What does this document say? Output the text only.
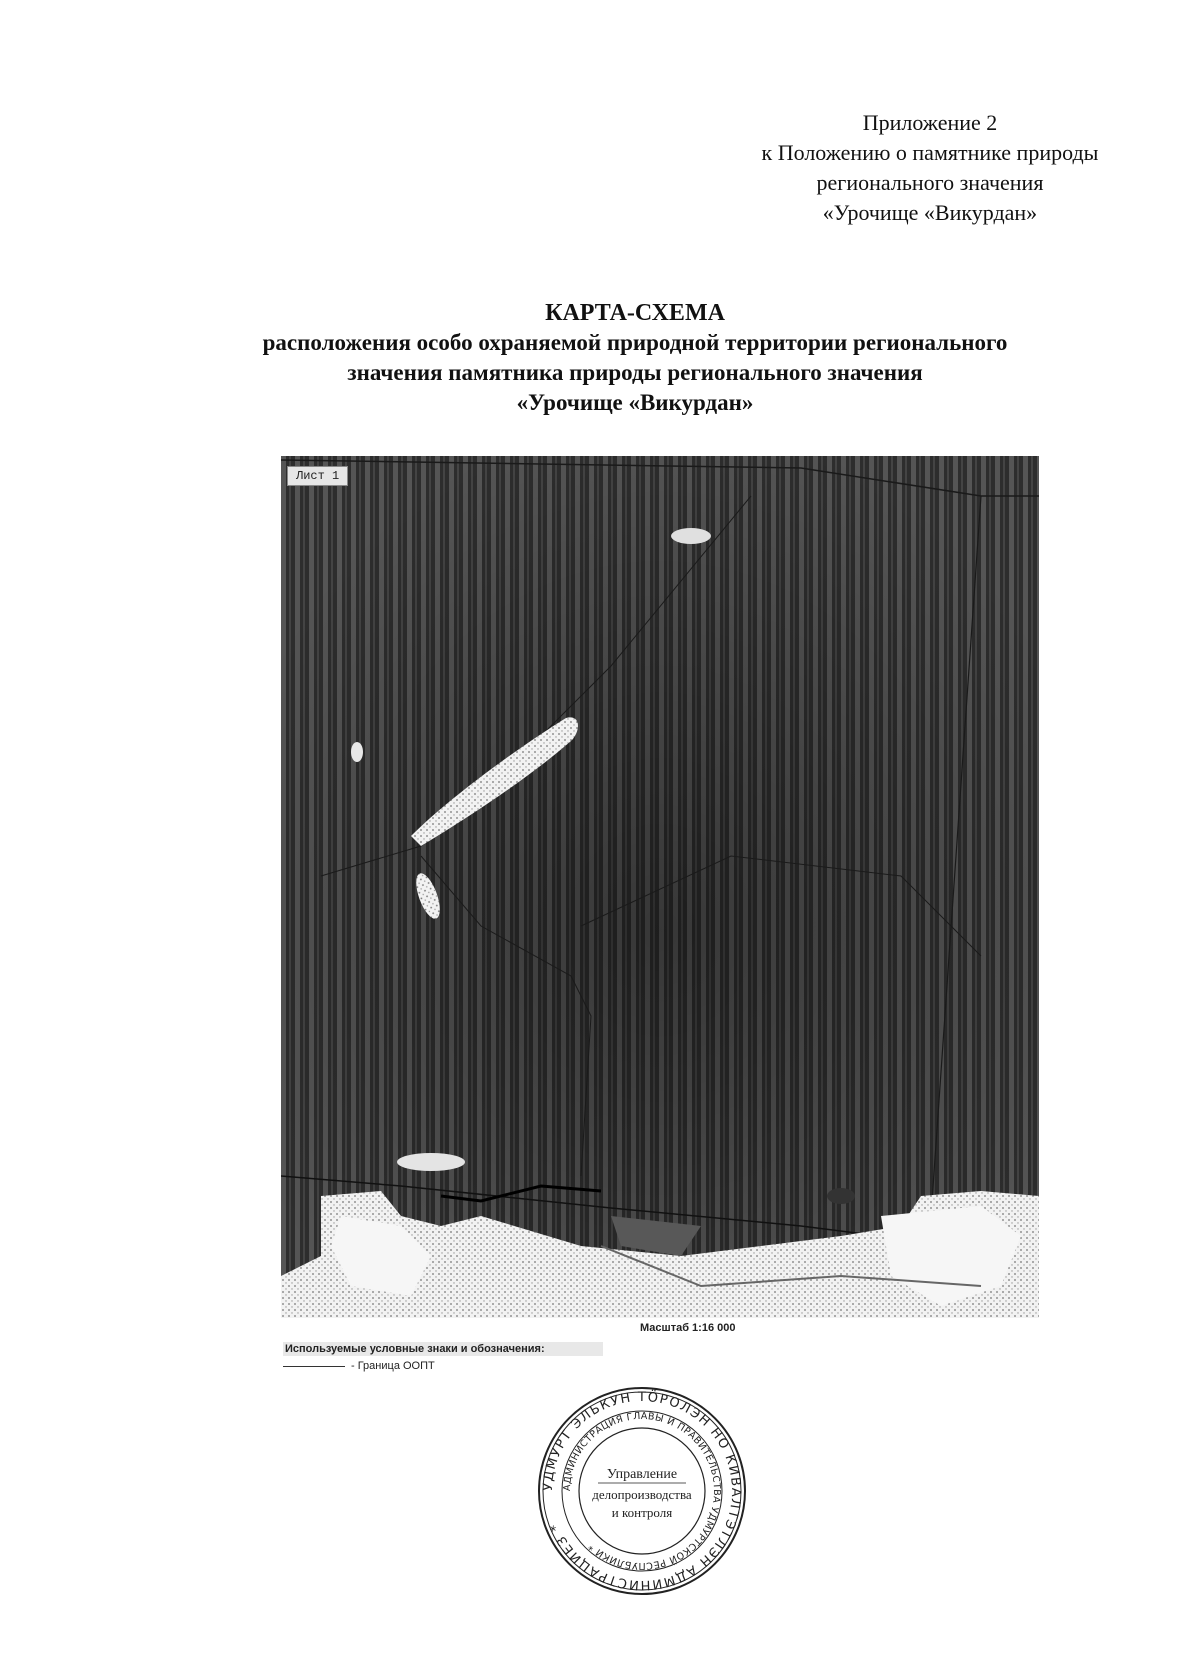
Приложение 2
к Положению о памятнике природы
регионального значения
«Урочище «Викурдан»
КАРТА-СХЕМА
расположения особо охраняемой природной территории регионального
значения памятника природы регионального значения
«Урочище «Викурдан»
Лист 1
Масштаб 1:16 000
Используемые условные знаки и обозначения:
- Граница ООПТ
УДМУРТ ЭЛЬКУН ТӦРОЛЭН НО КИВАЛТЭТЛЭН АДМИНИСТРАЦИЕЗ *
АДМИНИСТРАЦИЯ ГЛАВЫ И ПРАВИТЕЛЬСТВА УДМУРТСКОЙ РЕСПУБЛИКИ *
Управление
делопроизводства
и контроля
